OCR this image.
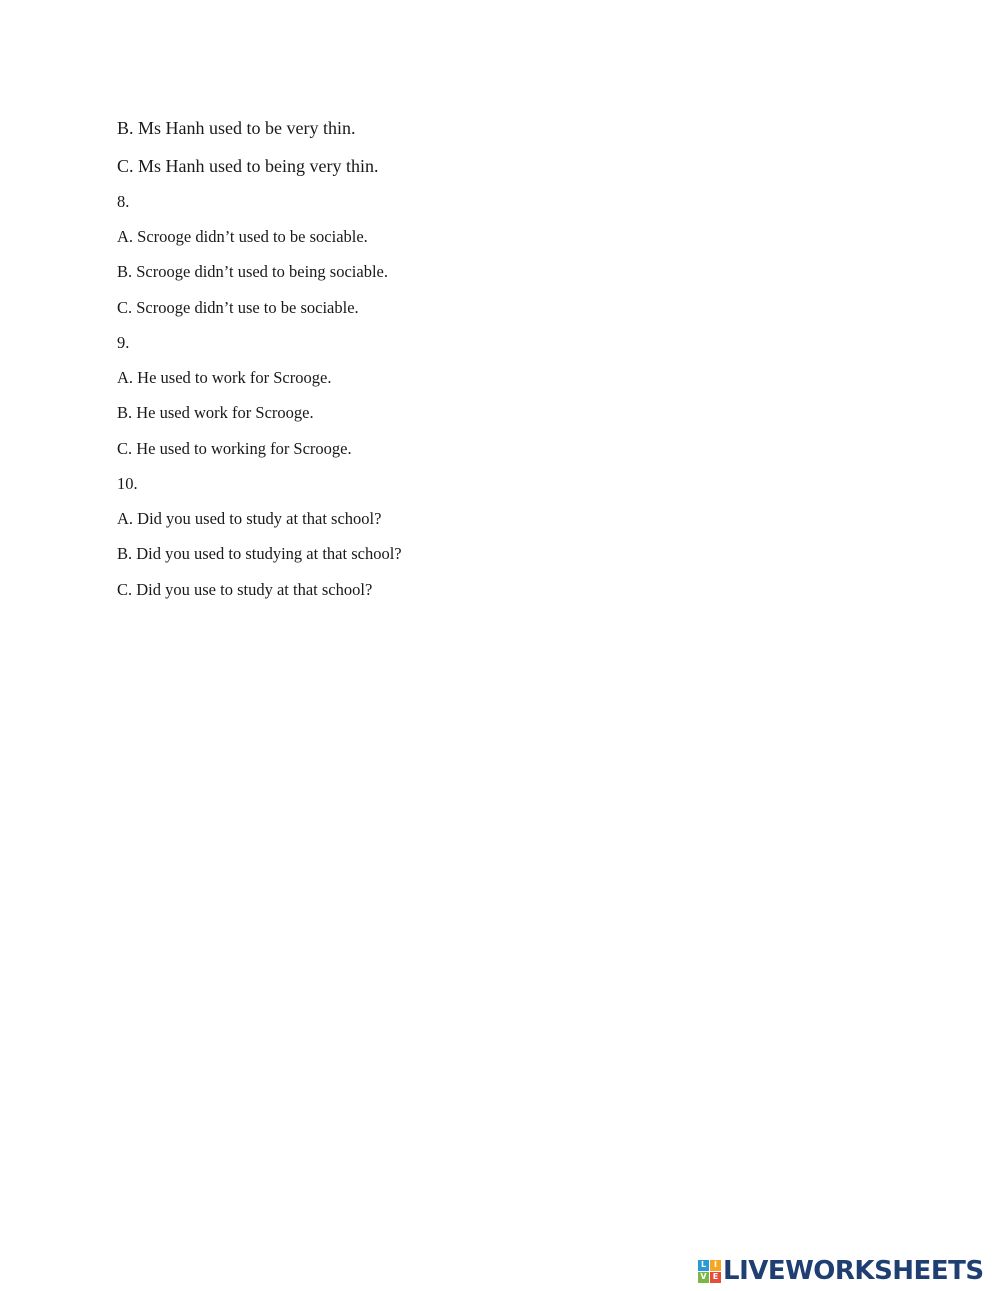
B. Ms Hanh used to be very thin.
C. Ms Hanh used to being very thin.
8.
A. Scrooge didn’t used to be sociable.
B. Scrooge didn’t used to being sociable.
C. Scrooge didn’t use to be sociable.
9.
A. He used to work for Scrooge.
B. He used work for Scrooge.
C. He used to working for Scrooge.
10.
A. Did you used to study at that school?
B. Did you used to studying at that school?
C. Did you use to study at that school?
L I
V E LIVEWORKSHEETS
